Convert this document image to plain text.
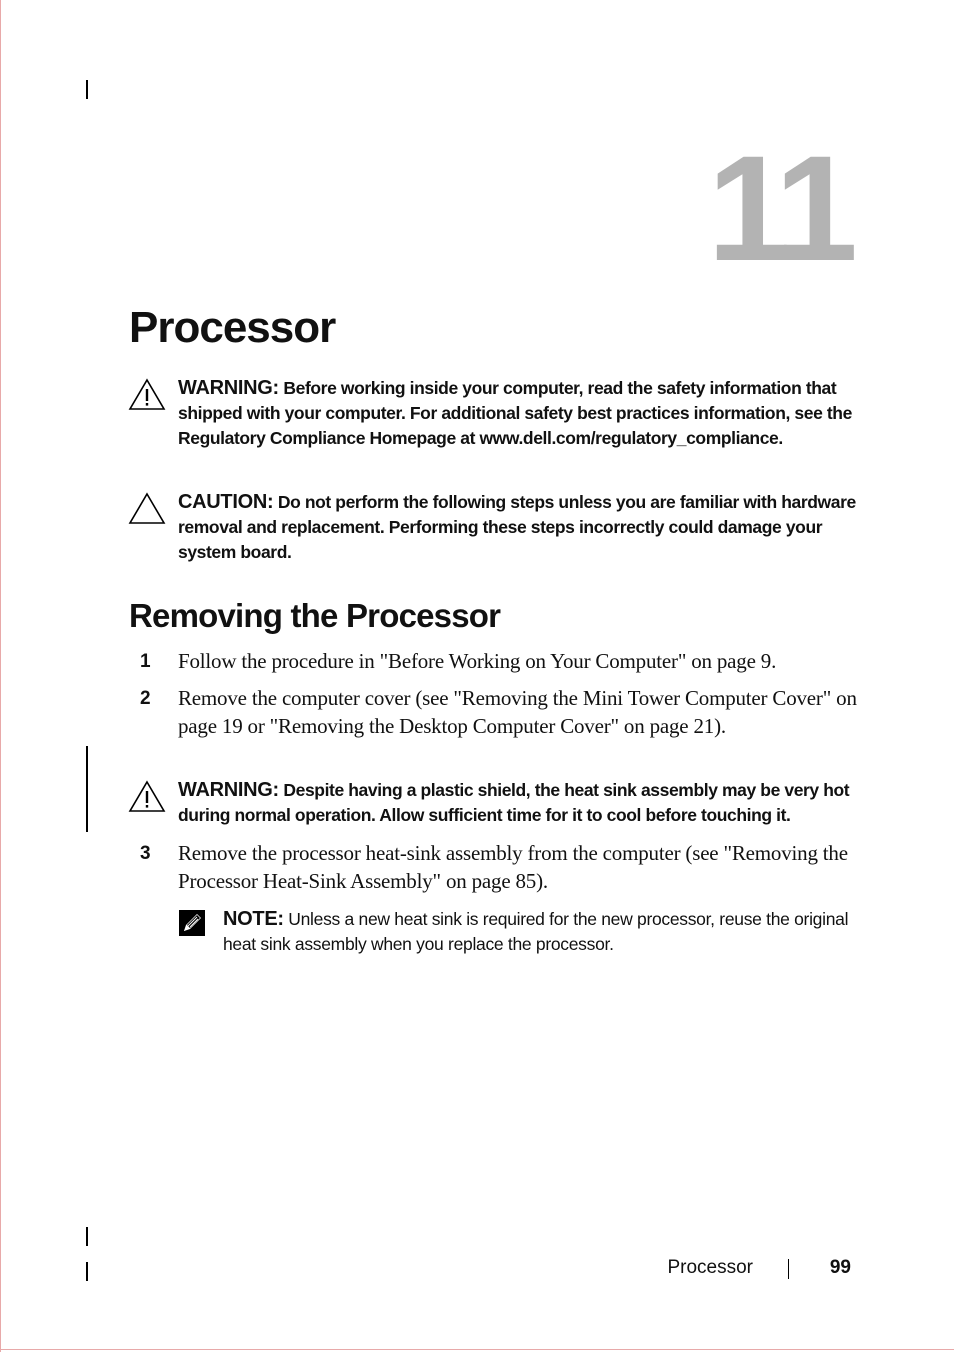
11
Processor
WARNING: Before working inside your computer, read the safety information that shipped with your computer. For additional safety best practices information, see the Regulatory Compliance Homepage at www.dell.com/regulatory_compliance.
CAUTION: Do not perform the following steps unless you are familiar with hardware removal and replacement. Performing these steps incorrectly could damage your system board.
Removing the Processor
1	Follow the procedure in "Before Working on Your Computer" on page 9.
2	Remove the computer cover (see "Removing the Mini Tower Computer Cover" on page 19 or "Removing the Desktop Computer Cover" on page 21).
WARNING: Despite having a plastic shield, the heat sink assembly may be very hot during normal operation. Allow sufficient time for it to cool before touching it.
3	Remove the processor heat-sink assembly from the computer (see "Removing the Processor Heat-Sink Assembly" on page 85).
NOTE: Unless a new heat sink is required for the new processor, reuse the original heat sink assembly when you replace the processor.
Processor	99
